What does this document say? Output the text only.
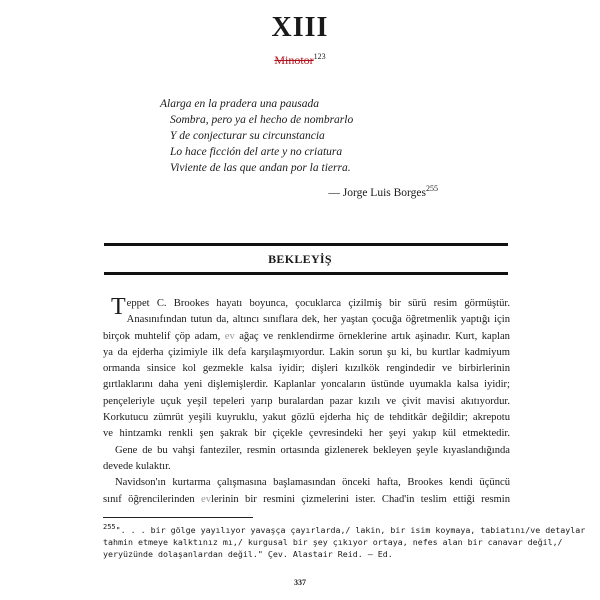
XIII
Minotor$^{123}$
Alarga en la pradera una pausada
Sombra, pero ya el hecho de nombrarlo
Y de conjecturar su circunstancia
Lo hace ficción del arte y no criatura
Viviente de las que andan por la tierra.
— Jorge Luis Borges$^{255}$
BEKLEYİŞ
Teppet C. Brookes hayatı boyunca, çocuklarca çizilmiş bir sürü resim görmüştür.
Anasınıfından tutun da, altıncı sınıflara dek, her yaştan çocuğa öğretmenlik yaptığı için
birçok muhtelif çöp adam, ev ağaç ve renklendirme örneklerine artık aşinadır. Kurt, kaplan
ya da ejderha çizimiyle ilk defa karşılaşmıyordur. Lakin sorun şu ki, bu kurtlar kadmiyum
ormanda sinsice kol gezmekle kalsa iyidir; dişleri kızılkök rengindedir ve birbirlerinin
gırtlaklarını daha yeni dişlemişlerdir. Kaplanlar yoncaların üstünde uyumakla kalsa iyidir;
pençeleriyle uçuk yeşil tepeleri yarıp buralardan pazar kızılı ve çivit mavisi akıtıyordur.
Korkutucu zümrüt yeşili kuyruklu, yakut gözlü ejderha hiç de tehditkâr değildir; akrepotu
ve hintzamkı renkli şen şakrak bir çiçekle çevresindeki her şeyi yakıp kül etmektedir.
Gene de bu vahşi fanteziler, resmin ortasında gizlenerek bekleyen şeyle kıyaslandığında
devede kulaktır.
Navidson'ın kurtarma çalışmasına başlamasından önceki hafta, Brookes kendi üçüncü
sınıf öğrencilerinden evlerinin bir resmini çizmelerini ister. Chad'in teslim ettiği resmin
$^{255}$". . . bir gölge yayılıyor yavaşça çayırlarda,/ lakin, bir isim koymaya, tabiatını/ve detaylar
tahmin etmeye kalktınız mı,/ kurgusal bir şey çıkıyor ortaya, nefes alan bir canavar değil,/
yeryüzünde dolaşanlardan değil." Çev. Alastair Reid. — Ed.
337
